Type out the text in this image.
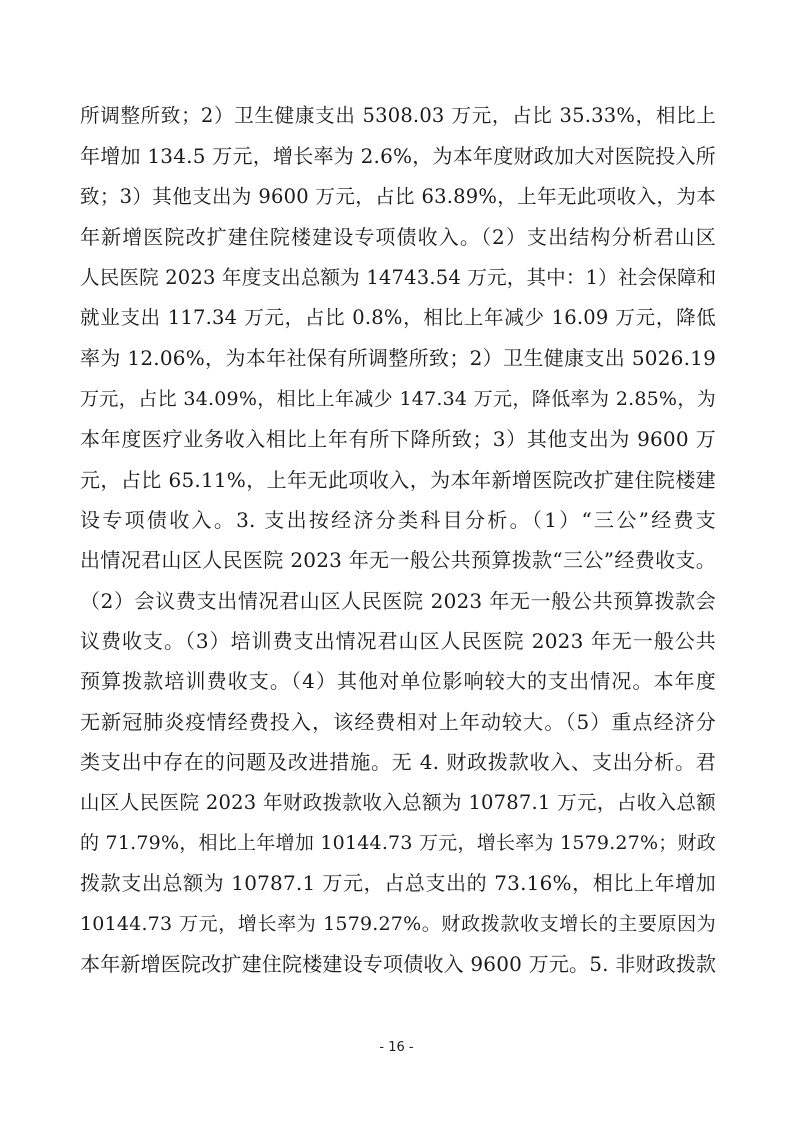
所调整所致；2）卫生健康支出 5308.03 万元，占比 35.33%，相比上
年增加 134.5 万元，增长率为 2.6%，为本年度财政加大对医院投入所
致；3）其他支出为 9600 万元，占比 63.89%，上年无此项收入，为本
年新增医院改扩建住院楼建设专项债收入。（2）支出结构分析君山区
人民医院 2023 年度支出总额为 14743.54 万元，其中：1）社会保障和
就业支出 117.34 万元，占比 0.8%，相比上年减少 16.09 万元，降低
率为 12.06%，为本年社保有所调整所致；2）卫生健康支出 5026.19
万元，占比 34.09%，相比上年减少 147.34 万元，降低率为 2.85%，为
本年度医疗业务收入相比上年有所下降所致；3）其他支出为 9600 万
元，占比 65.11%，上年无此项收入，为本年新增医院改扩建住院楼建
设专项债收入。3. 支出按经济分类科目分析。（1）“三公”经费支
出情况君山区人民医院 2023 年无一般公共预算拨款“三公”经费收支。
（2）会议费支出情况君山区人民医院 2023 年无一般公共预算拨款会
议费收支。（3）培训费支出情况君山区人民医院 2023 年无一般公共
预算拨款培训费收支。（4）其他对单位影响较大的支出情况。本年度
无新冠肺炎疫情经费投入，该经费相对上年动较大。（5）重点经济分
类支出中存在的问题及改进措施。无 4. 财政拨款收入、支出分析。君
山区人民医院 2023 年财政拨款收入总额为 10787.1 万元，占收入总额
的 71.79%，相比上年增加 10144.73 万元，增长率为 1579.27%；财政
拨款支出总额为 10787.1 万元，占总支出的 73.16%，相比上年增加
10144.73 万元，增长率为 1579.27%。财政拨款收支增长的主要原因为
本年新增医院改扩建住院楼建设专项债收入 9600 万元。5. 非财政拨款
- 16 -
